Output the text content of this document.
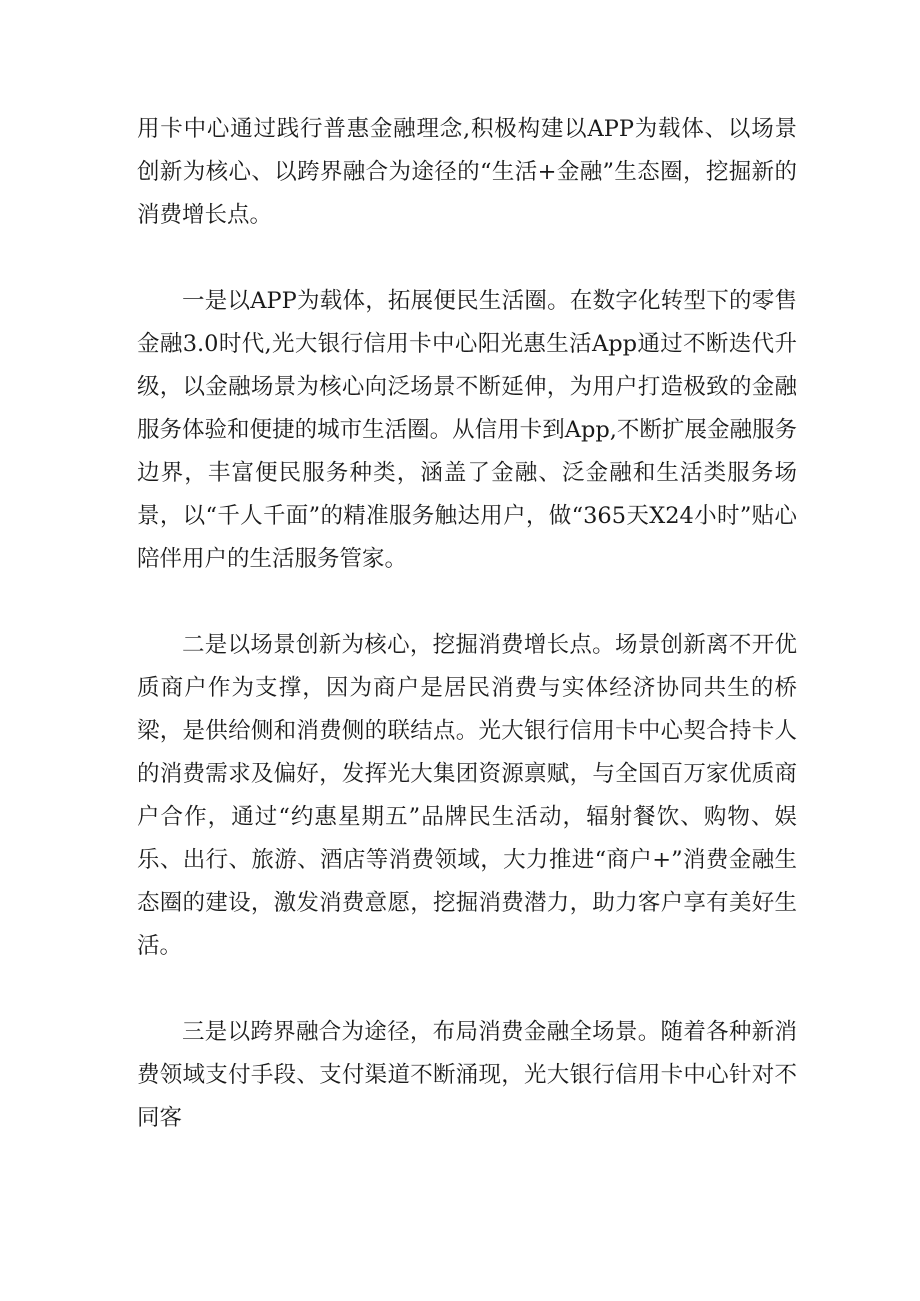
用卡中心通过践行普惠金融理念,积极构建以APP为载体、以场景创新为核心、以跨界融合为途径的“生活+金融”生态圈，挖掘新的消费增长点。

一是以APP为载体，拓展便民生活圈。在数字化转型下的零售金融3.0时代,光大银行信用卡中心阳光惠生活App通过不断迭代升级，以金融场景为核心向泛场景不断延伸，为用户打造极致的金融服务体验和便捷的城市生活圈。从信用卡到App,不断扩展金融服务边界，丰富便民服务种类，涵盖了金融、泛金融和生活类服务场景，以“千人千面”的精准服务触达用户，做“365天X24小时”贴心陪伴用户的生活服务管家。

二是以场景创新为核心，挖掘消费增长点。场景创新离不开优质商户作为支撑，因为商户是居民消费与实体经济协同共生的桥梁，是供给侧和消费侧的联结点。光大银行信用卡中心契合持卡人的消费需求及偏好，发挥光大集团资源禀赋，与全国百万家优质商户合作，通过“约惠星期五”品牌民生活动，辐射餐饮、购物、娱乐、出行、旅游、酒店等消费领域，大力推进“商户+”消费金融生态圈的建设，激发消费意愿，挖掘消费潜力，助力客户享有美好生活。

三是以跨界融合为途径，布局消费金融全场景。随着各种新消费领域支付手段、支付渠道不断涌现，光大银行信用卡中心针对不同客
